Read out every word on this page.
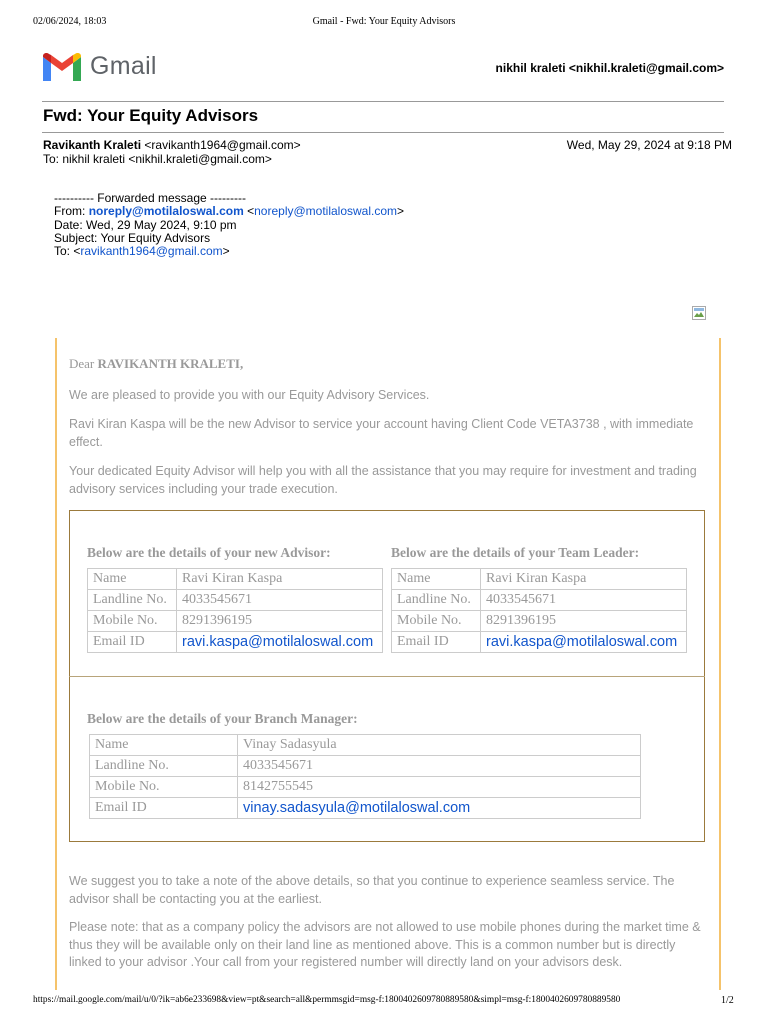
02/06/2024, 18:03	Gmail - Fwd: Your Equity Advisors
Gmail	nikhil kraleti <nikhil.kraleti@gmail.com>
Fwd: Your Equity Advisors
Ravikanth Kraleti <ravikanth1964@gmail.com>	Wed, May 29, 2024 at 9:18 PM
To: nikhil kraleti <nikhil.kraleti@gmail.com>
---------- Forwarded message ---------
From: noreply@motilaloswal.com <noreply@motilaloswal.com>
Date: Wed, 29 May 2024, 9:10 pm
Subject: Your Equity Advisors
To: <ravikanth1964@gmail.com>
Dear RAVIKANTH KRALETI,
We are pleased to provide you with our Equity Advisory Services.
Ravi Kiran Kaspa will be the new Advisor to service your account having Client Code VETA3738 , with immediate effect.
Your dedicated Equity Advisor will help you with all the assistance that you may require for investment and trading advisory services including your trade execution.
Below are the details of your new Advisor:
Name	Ravi Kiran Kaspa
Landline No.	4033545671
Mobile No.	8291396195
Email ID	ravi.kaspa@motilaloswal.com
Below are the details of your Team Leader:
Name	Ravi Kiran Kaspa
Landline No.	4033545671
Mobile No.	8291396195
Email ID	ravi.kaspa@motilaloswal.com
Below are the details of your Branch Manager:
Name	Vinay Sadasyula
Landline No.	4033545671
Mobile No.	8142755545
Email ID	vinay.sadasyula@motilaloswal.com
We suggest you to take a note of the above details, so that you continue to experience seamless service. The advisor shall be contacting you at the earliest.
Please note: that as a company policy the advisors are not allowed to use mobile phones during the market time & thus they will be available only on their land line as mentioned above. This is a common number but is directly linked to your advisor .Your call from your registered number will directly land on your advisors desk.
https://mail.google.com/mail/u/0/?ik=ab6e233698&view=pt&search=all&permmsgid=msg-f:1800402609780889580&simpl=msg-f:1800402609780889580	1/2
